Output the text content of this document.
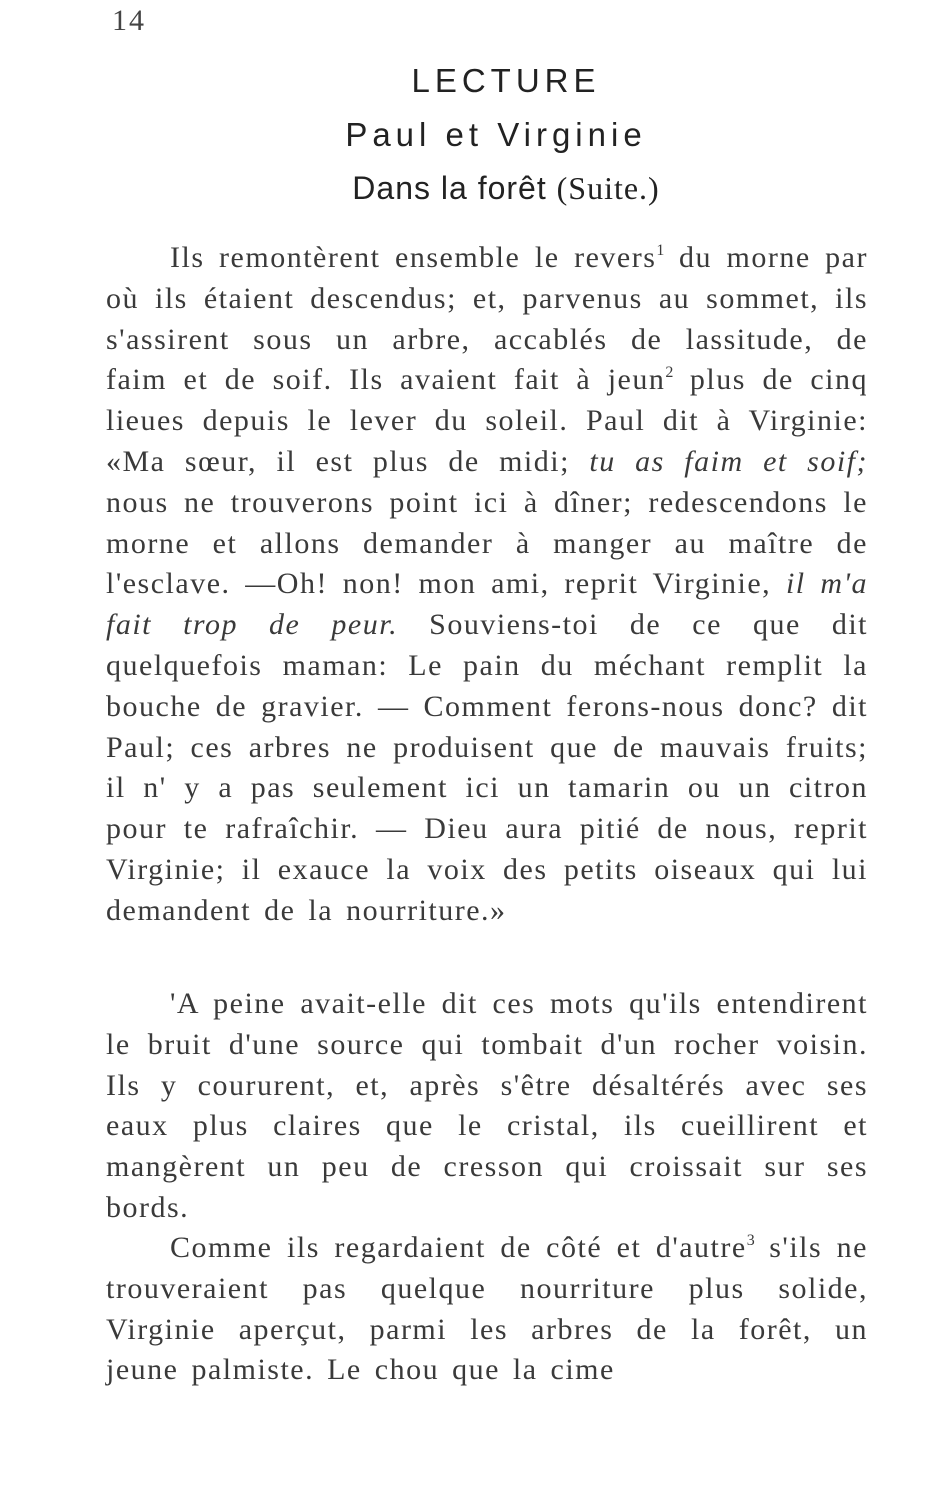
14
LECTURE
Paul et Virginie
Dans la forêt (Suite.)
Ils remontèrent ensemble le revers$^1$ du morne par où ils étaient descendus; et, parvenus au sommet, ils s'assirent sous un arbre, accablés de lassitude, de faim et de soif. Ils avaient fait à jeun$^2$ plus de cinq lieues depuis le lever du soleil. Paul dit à Virginie: «Ma sœur, il est plus de midi; tu as faim et soif; nous ne trouverons point ici à dîner; redescendons le morne et allons demander à manger au maître de l'esclave. —Oh! non! mon ami, reprit Virginie, il m'a fait trop de peur. Souviens-toi de ce que dit quelquefois maman: Le pain du méchant remplit la bouche de gravier. — Comment ferons-nous donc? dit Paul; ces arbres ne produisent que de mauvais fruits; il n' y a pas seulement ici un tamarin ou un citron pour te rafraîchir. — Dieu aura pitié de nous, reprit Virginie; il exauce la voix des petits oiseaux qui lui demandent de la nourriture.»
'A peine avait-elle dit ces mots qu'ils entendirent le bruit d'une source qui tombait d'un rocher voisin. Ils y coururent, et, après s'être désaltérés avec ses eaux plus claires que le cristal, ils cueillirent et mangèrent un peu de cresson qui croissait sur ses bords.
Comme ils regardaient de côté et d'autre$^3$ s'ils ne trouveraient pas quelque nourriture plus solide, Virginie aperçut, parmi les arbres de la forêt, un jeune palmiste. Le chou que la cime
